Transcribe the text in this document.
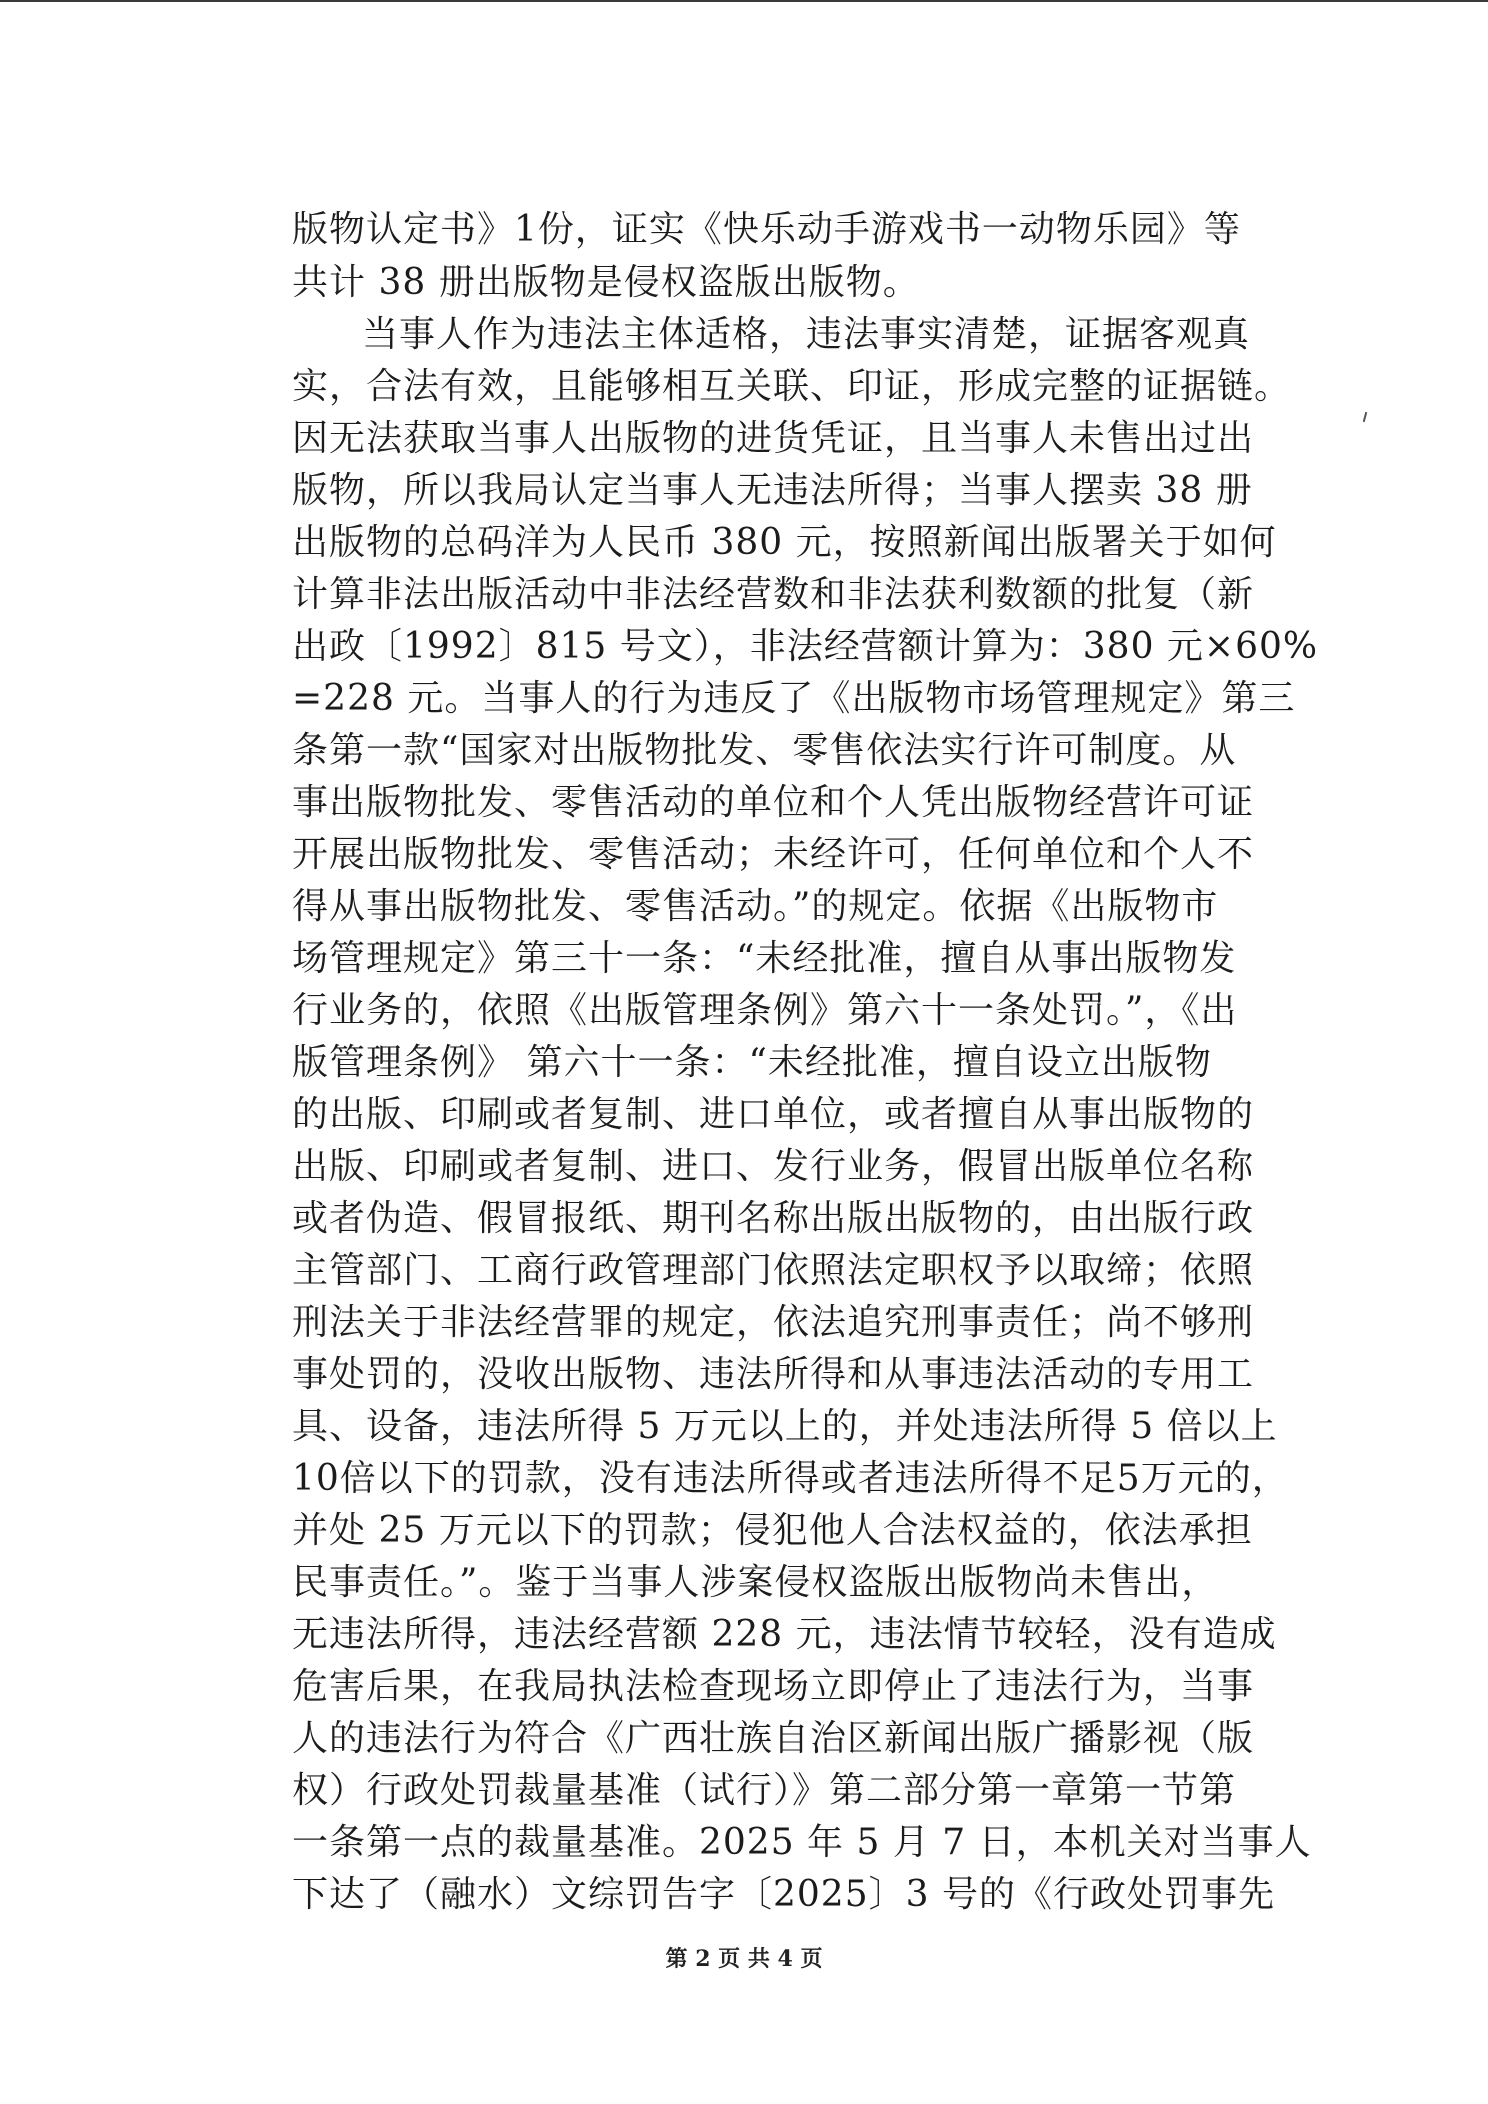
版物认定书》1份，证实《快乐动手游戏书一动物乐园》等
共计 38 册出版物是侵权盗版出版物。
当事人作为违法主体适格，违法事实清楚，证据客观真
实，合法有效，且能够相互关联、印证，形成完整的证据链。
因无法获取当事人出版物的进货凭证，且当事人未售出过出
版物，所以我局认定当事人无违法所得；当事人摆卖 38 册
出版物的总码洋为人民币 380 元，按照新闻出版署关于如何
计算非法出版活动中非法经营数和非法获利数额的批复（新
出政〔1992〕815 号文），非法经营额计算为：380 元×60%
=228 元。当事人的行为违反了《出版物市场管理规定》第三
条第一款“国家对出版物批发、零售依法实行许可制度。从
事出版物批发、零售活动的单位和个人凭出版物经营许可证
开展出版物批发、零售活动；未经许可，任何单位和个人不
得从事出版物批发、零售活动。”的规定。依据《出版物市
场管理规定》第三十一条：“未经批准，擅自从事出版物发
行业务的，依照《出版管理条例》第六十一条处罚。”，《出
版管理条例》 第六十一条：“未经批准，擅自设立出版物
的出版、印刷或者复制、进口单位，或者擅自从事出版物的
出版、印刷或者复制、进口、发行业务，假冒出版单位名称
或者伪造、假冒报纸、期刊名称出版出版物的，由出版行政
主管部门、工商行政管理部门依照法定职权予以取缔；依照
刑法关于非法经营罪的规定，依法追究刑事责任；尚不够刑
事处罚的，没收出版物、违法所得和从事违法活动的专用工
具、设备，违法所得 5 万元以上的，并处违法所得 5 倍以上
10倍以下的罚款，没有违法所得或者违法所得不足5万元的，
并处 25 万元以下的罚款；侵犯他人合法权益的，依法承担
民事责任。”。鉴于当事人涉案侵权盗版出版物尚未售出，
无违法所得，违法经营额 228 元，违法情节较轻，没有造成
危害后果，在我局执法检查现场立即停止了违法行为，当事
人的违法行为符合《广西壮族自治区新闻出版广播影视（版
权）行政处罚裁量基准（试行）》第二部分第一章第一节第
一条第一点的裁量基准。2025 年 5 月 7 日，本机关对当事人
下达了（融水）文综罚告字〔2025〕3 号的《行政处罚事先
第 2 页 共 4 页
